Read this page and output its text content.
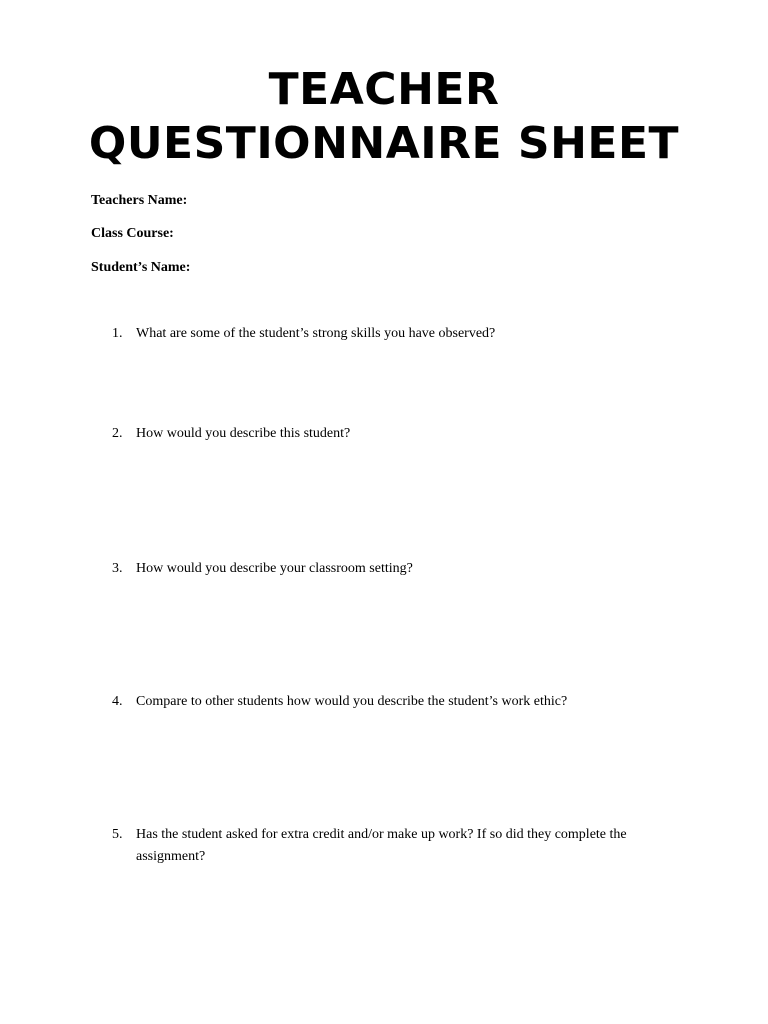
TEACHER
QUESTIONNAIRE SHEET
Teachers Name:
Class Course:
Student’s Name:
1. What are some of the student’s strong skills you have observed?
2. How would you describe this student?
3. How would you describe your classroom setting?
4. Compare to other students how would you describe the student’s work ethic?
5. Has the student asked for extra credit and/or make up work? If so did they complete the assignment?
